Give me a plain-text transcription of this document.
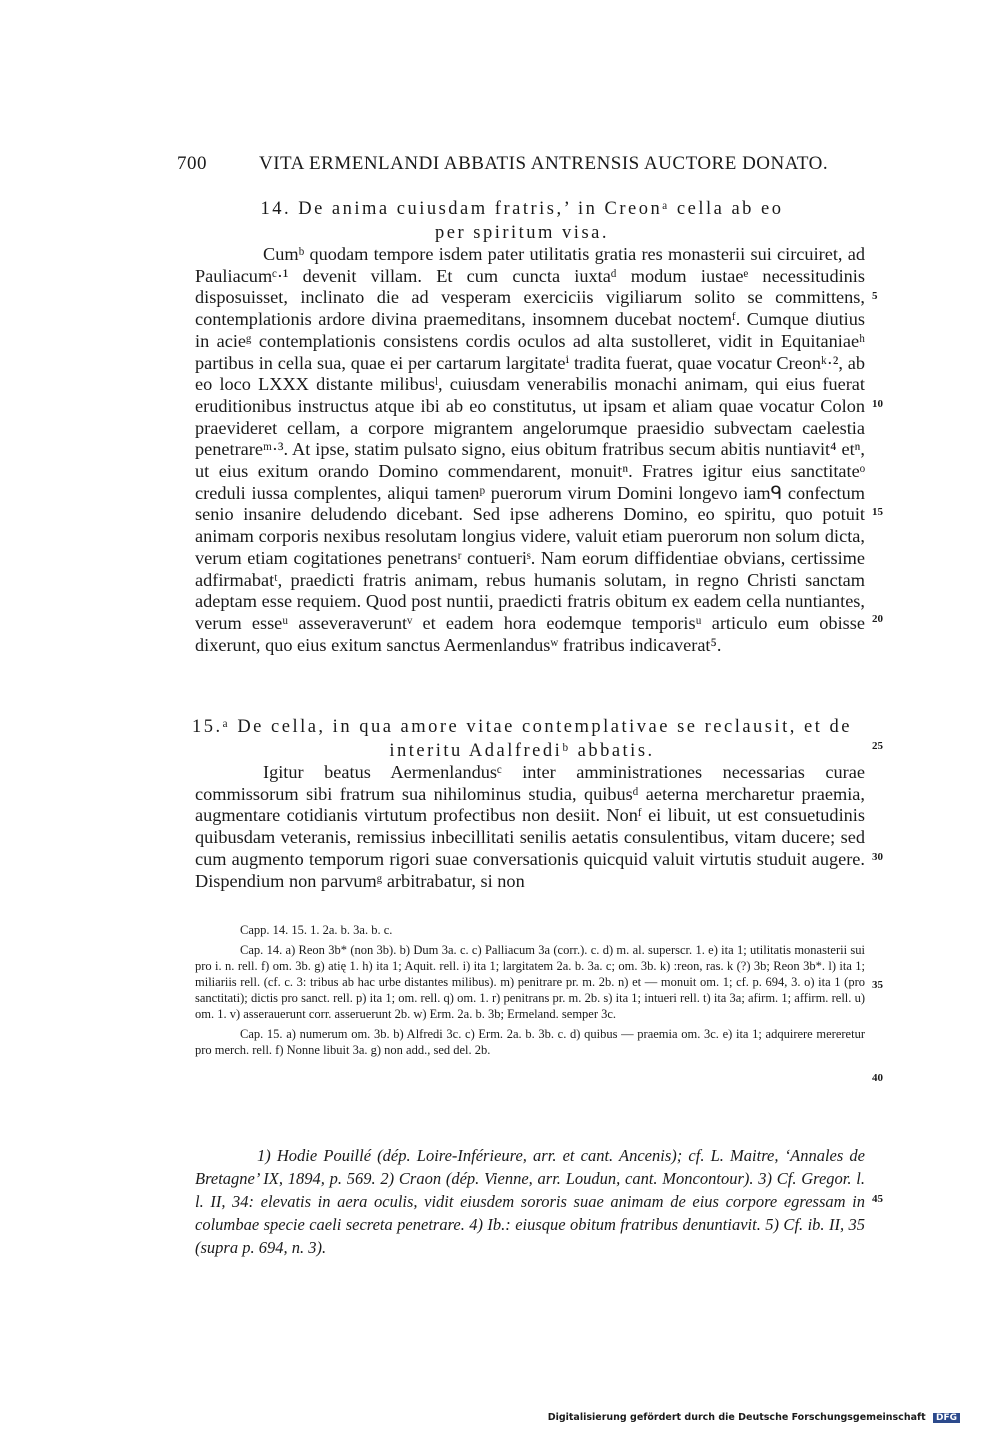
700	VITA ERMENLANDI ABBATIS ANTRENSIS AUCTORE DONATO.
14. De anima cuiusdam fratris,’ in Creonᵃ cella ab eo
per spiritum visa.

Cumᵇ quodam tempore isdem pater utilitatis gratia res monasterii sui circuiret, ad Pauliacumᶜ·¹ devenit villam. Et cum cuncta iuxtaᵈ modum iustaeᵉ necessitudinis disposuisset, inclinato die ad vesperam exerciciis vigiliarum solito se committens, contemplationis ardore divina praemeditans, insomnem ducebat noctemᶠ. Cumque diutius in acieᵍ contemplationis consistens cordis oculos ad alta sustolleret, vidit in Equitaniaeʰ partibus in cella sua, quae ei per cartarum largitateⁱ tradita fuerat, quae vocatur Creonᵏ·², ab eo loco LXXX distante milibusˡ, cuiusdam venerabilis monachi animam, qui eius fuerat eruditionibus instructus atque ibi ab eo constitutus, ut ipsam et aliam quae vocatur Colon praevideret cellam, a corpore migrantem angelorumque praesidio subvectam caelestia penetrareᵐ·³. At ipse, statim pulsato signo, eius obitum fratribus secum abitis nuntiavit⁴ etⁿ, ut eius exitum orando Domino commendarent, monuitⁿ. Fratres igitur eius sanctitateᵒ creduli iussa complentes, aliqui tamenᵖ puerorum virum Domini longevo iamᑫ confectum senio insanire deludendo dicebant. Sed ipse adherens Domino, eo spiritu, quo potuit animam corporis nexibus resolutam longius videre, valuit etiam puerorum non solum dicta, verum etiam cogitationes penetransʳ contueriˢ. Nam eorum diffidentiae obvians, certissime adfirmabatᵗ, praedicti fratris animam, rebus humanis solutam, in regno Christi sanctam adeptam esse requiem. Quod post nuntii, praedicti fratris obitum ex eadem cella nuntiantes, verum esseᵘ asseveraveruntᵛ et eadem hora eodemque temporisᵘ articulo eum obisse dixerunt, quo eius exitum sanctus Aermenlandusʷ fratribus indicaverat⁵.

15.ᵃ De cella, in qua amore vitae contemplativae se reclausit, et de
interitu Adalfrediᵇ abbatis.

Igitur beatus Aermenlandusᶜ inter amministrationes necessarias curae commissorum sibi fratrum sua nihilominus studia, quibusᵈ aeterna mercharetur praemia, augmentare cotidianis virtutum profectibus non desiit. Nonᶠ ei libuit, ut est consuetudinis quibusdam veteranis, remissius inbecillitati senilis aetatis consulentibus, vitam ducere; sed cum augmento temporum rigori suae conversationis quicquid valuit virtutis studuit augere. Dispendium non parvumᵍ arbitrabatur, si non

5
10
15
20
25
30
35
40
45

Capp. 14. 15. 1. 2a. b. 3a. b. c.

Cap. 14. a) Reon 3b* (non 3b). b) Dum 3a. c. c) Palliacum 3a (corr.). c. d) m. al. superscr. 1. e) ita 1; utilitatis monasterii sui pro i. n. rell. f) om. 3b. g) atię 1. h) ita 1; Aquit. rell. i) ita 1; largitatem 2a. b. 3a. c; om. 3b. k) :reon, ras. k (?) 3b; Reon 3b*. l) ita 1; miliariis rell. (cf. c. 3: tribus ab hac urbe distantes milibus). m) penitrare pr. m. 2b. n) et — monuit om. 1; cf. p. 694, 3. o) ita 1 (pro sanctitati); dictis pro sanct. rell. p) ita 1; om. rell. q) om. 1. r) penitrans pr. m. 2b. s) ita 1; intueri rell. t) ita 3a; afirm. 1; affirm. rell. u) om. 1. v) asserauerunt corr. asseruerunt 2b. w) Erm. 2a. b. 3b; Ermeland. semper 3c.

Cap. 15. a) numerum om. 3b. b) Alfredi 3c. c) Erm. 2a. b. 3b. c. d) quibus — praemia om. 3c. e) ita 1; adquirere mereretur pro merch. rell. f) Nonne libuit 3a. g) non add., sed del. 2b.

1) Hodie Pouillé (dép. Loire-Inférieure, arr. et cant. Ancenis); cf. L. Maitre, ‘Annales de Bretagne’ IX, 1894, p. 569. 2) Craon (dép. Vienne, arr. Loudun, cant. Moncontour). 3) Cf. Gregor. l. l. II, 34: elevatis in aera oculis, vidit eiusdem sororis suae animam de eius corpore egressam in columbae specie caeli secreta penetrare. 4) Ib.: eiusque obitum fratribus denuntiavit. 5) Cf. ib. II, 35 (supra p. 694, n. 3).

Digitalisierung gefördert durch die Deutsche Forschungsgemeinschaft DFG
